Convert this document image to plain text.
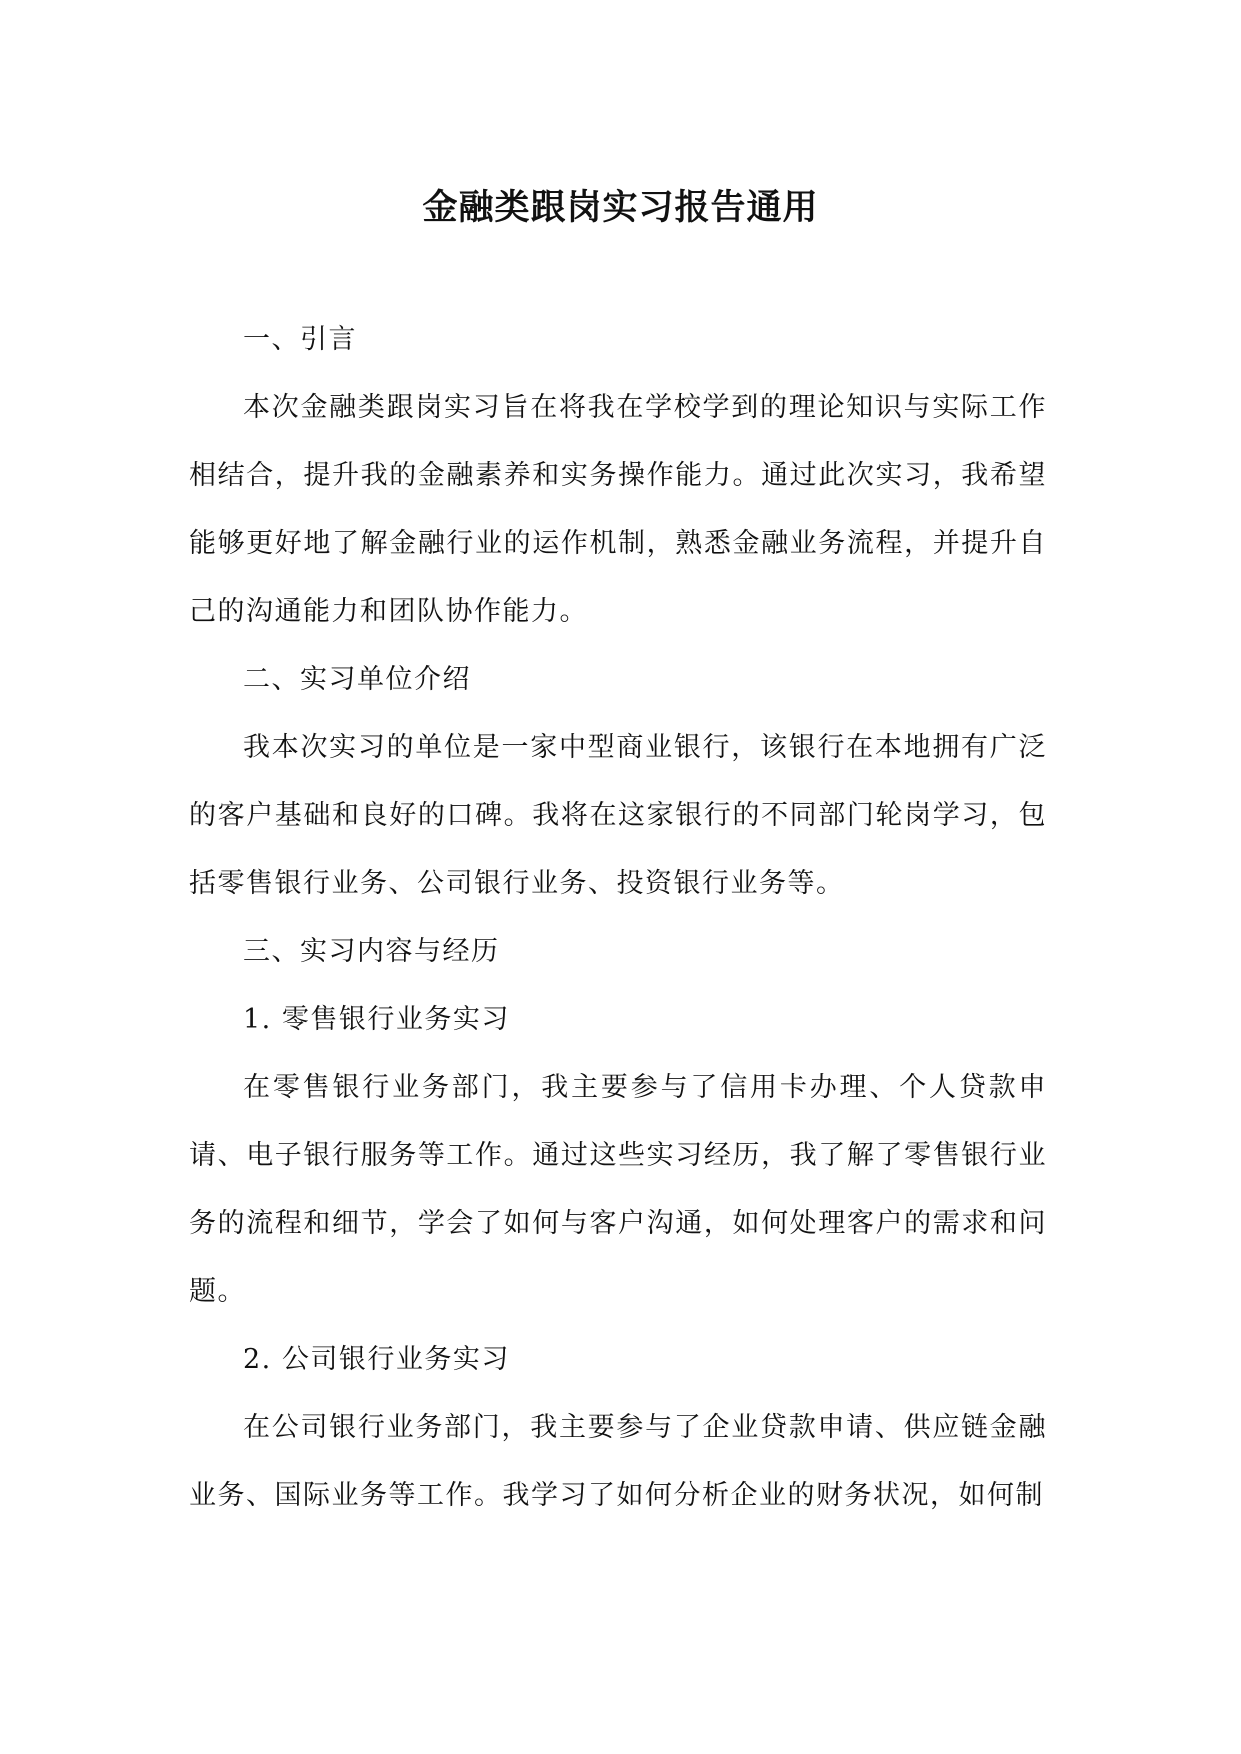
金融类跟岗实习报告通用

一、引言

本次金融类跟岗实习旨在将我在学校学到的理论知识与实际工作相结合，提升我的金融素养和实务操作能力。通过此次实习，我希望能够更好地了解金融行业的运作机制，熟悉金融业务流程，并提升自己的沟通能力和团队协作能力。

二、实习单位介绍

我本次实习的单位是一家中型商业银行，该银行在本地拥有广泛的客户基础和良好的口碑。我将在这家银行的不同部门轮岗学习，包括零售银行业务、公司银行业务、投资银行业务等。

三、实习内容与经历

1. 零售银行业务实习

在零售银行业务部门，我主要参与了信用卡办理、个人贷款申请、电子银行服务等工作。通过这些实习经历，我了解了零售银行业务的流程和细节，学会了如何与客户沟通，如何处理客户的需求和问题。

2. 公司银行业务实习

在公司银行业务部门，我主要参与了企业贷款申请、供应链金融业务、国际业务等工作。我学习了如何分析企业的财务状况，如何制
